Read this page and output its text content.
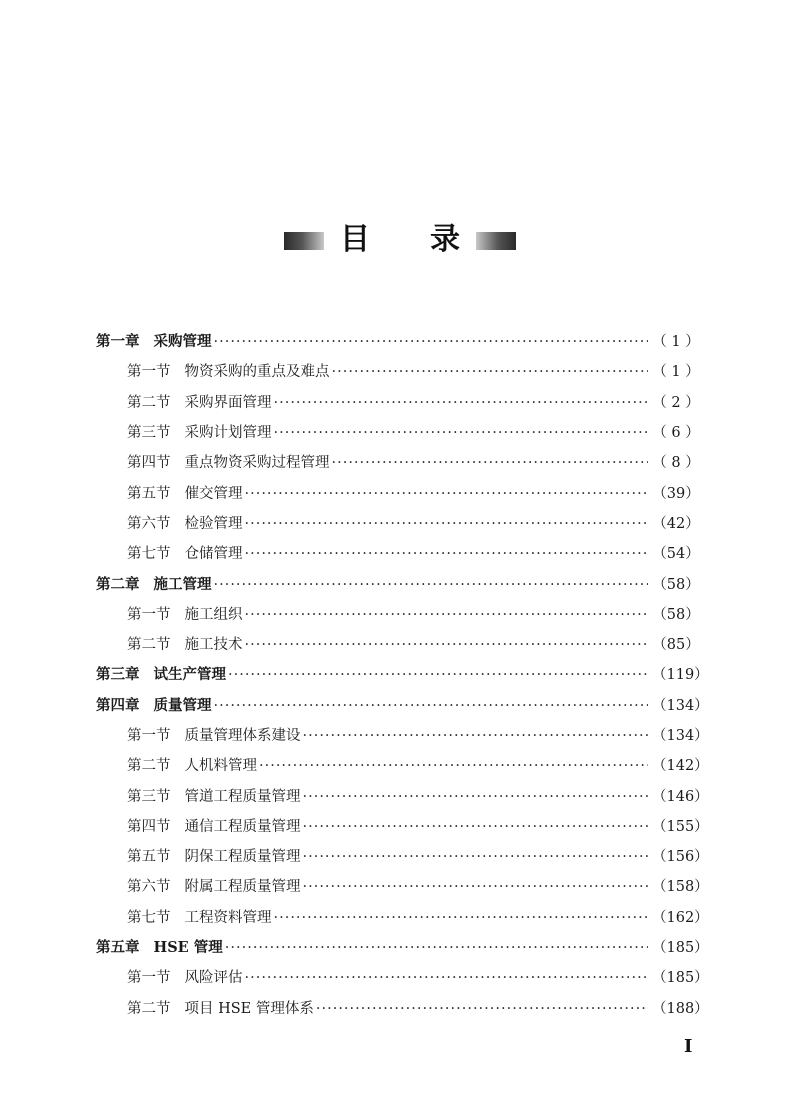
目 录
第一章 采购管理 ·····	（ 1 ）
第一节 物资采购的重点及难点 ·····	（ 1 ）
第二节 采购界面管理 ·····	（ 2 ）
第三节 采购计划管理 ·····	（ 6 ）
第四节 重点物资采购过程管理 ·····	（ 8 ）
第五节 催交管理 ·····	（39）
第六节 检验管理 ·····	（42）
第七节 仓储管理 ·····	（54）
第二章 施工管理 ·····	（58）
第一节 施工组织 ·····	（58）
第二节 施工技术 ·····	（85）
第三章 试生产管理 ·····	（119）
第四章 质量管理 ·····	（134）
第一节 质量管理体系建设 ·····	（134）
第二节 人机料管理 ·····	（142）
第三节 管道工程质量管理 ·····	（146）
第四节 通信工程质量管理 ·····	（155）
第五节 阴保工程质量管理 ·····	（156）
第六节 附属工程质量管理 ·····	（158）
第七节 工程资料管理 ·····	（162）
第五章 HSE 管理 ·····	（185）
第一节 风险评估 ·····	（185）
第二节 项目 HSE 管理体系 ·····	（188）
I
